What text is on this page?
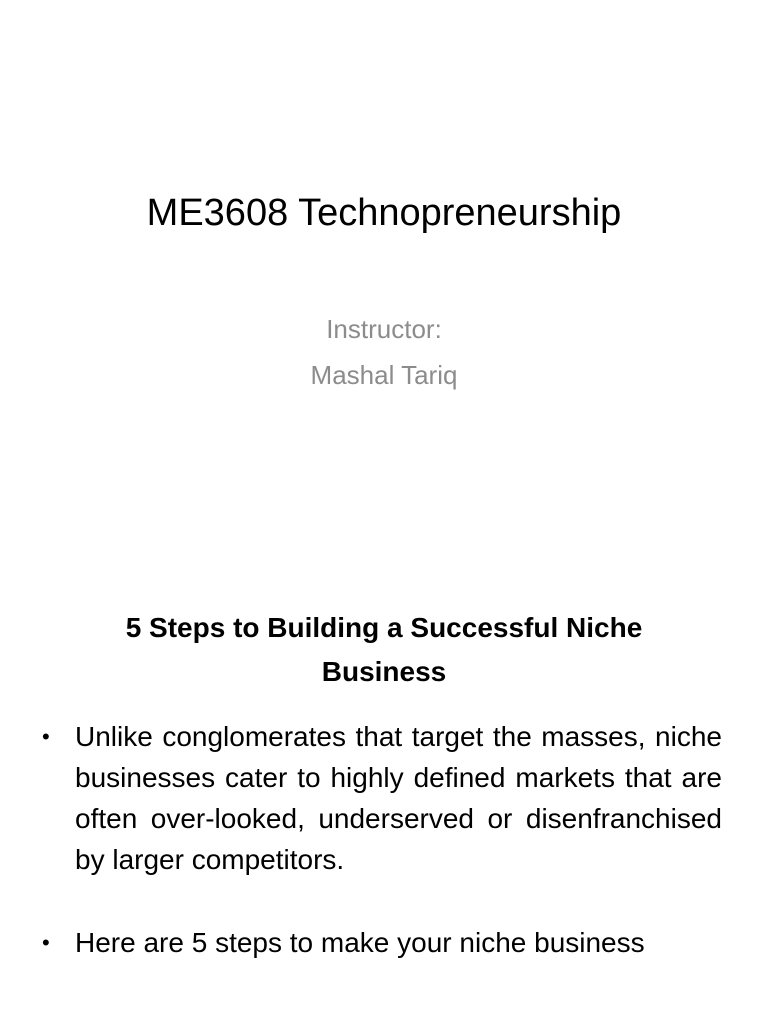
ME3608 Technopreneurship
Instructor:
Mashal Tariq
5 Steps to Building a Successful Niche Business
• Unlike conglomerates that target the masses, niche businesses cater to highly defined markets that are often over-looked, underserved or disenfranchised by larger competitors.
• Here are 5 steps to make your niche business
